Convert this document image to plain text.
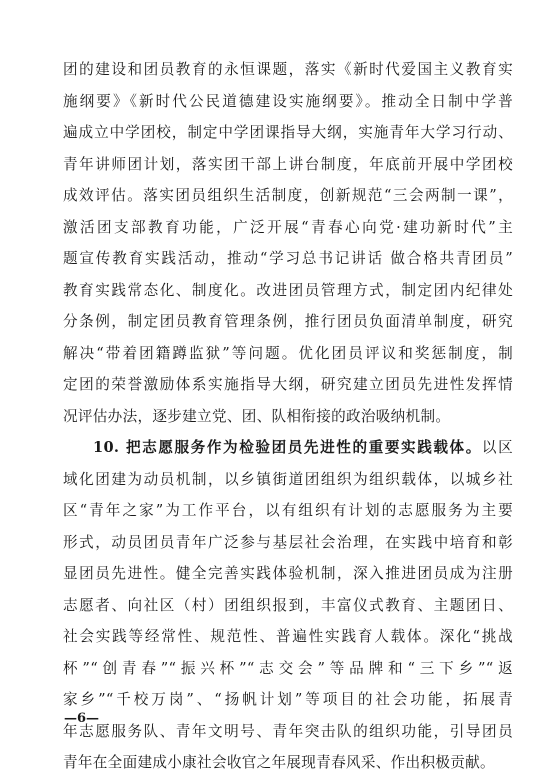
—6—
团的建设和团员教育的永恒课题，落实《新时代爱国主义教育实
施纲要》《新时代公民道德建设实施纲要》。推动全日制中学普
遍成立中学团校，制定中学团课指导大纲，实施青年大学习行动、
青年讲师团计划，落实团干部上讲台制度，年底前开展中学团校
成效评估。落实团员组织生活制度，创新规范“三会两制一课”，
激活团支部教育功能，广泛开展“青春心向党·建功新时代”主
题宣传教育实践活动，推动“学习总书记讲话 做合格共青团员”
教育实践常态化、制度化。改进团员管理方式，制定团内纪律处
分条例，制定团员教育管理条例，推行团员负面清单制度，研究
解决“带着团籍蹲监狱”等问题。优化团员评议和奖惩制度，制
定团的荣誉激励体系实施指导大纲，研究建立团员先进性发挥情
况评估办法，逐步建立党、团、队相衔接的政治吸纳机制。
10. 把志愿服务作为检验团员先进性的重要实践载体。以区
域化团建为动员机制，以乡镇街道团组织为组织载体，以城乡社
区“青年之家”为工作平台，以有组织有计划的志愿服务为主要
形式，动员团员青年广泛参与基层社会治理，在实践中培育和彰
显团员先进性。健全完善实践体验机制，深入推进团员成为注册
志愿者、向社区（村）团组织报到，丰富仪式教育、主题团日、
社会实践等经常性、规范性、普遍性实践育人载体。深化“挑战
杯”“创青春”“振兴杯”“志交会”等品牌和“三下乡”“返
家乡”“千校万岗”、“扬帆计划”等项目的社会功能，拓展青
年志愿服务队、青年文明号、青年突击队的组织功能，引导团员
青年在全面建成小康社会收官之年展现青春风采、作出积极贡献。
